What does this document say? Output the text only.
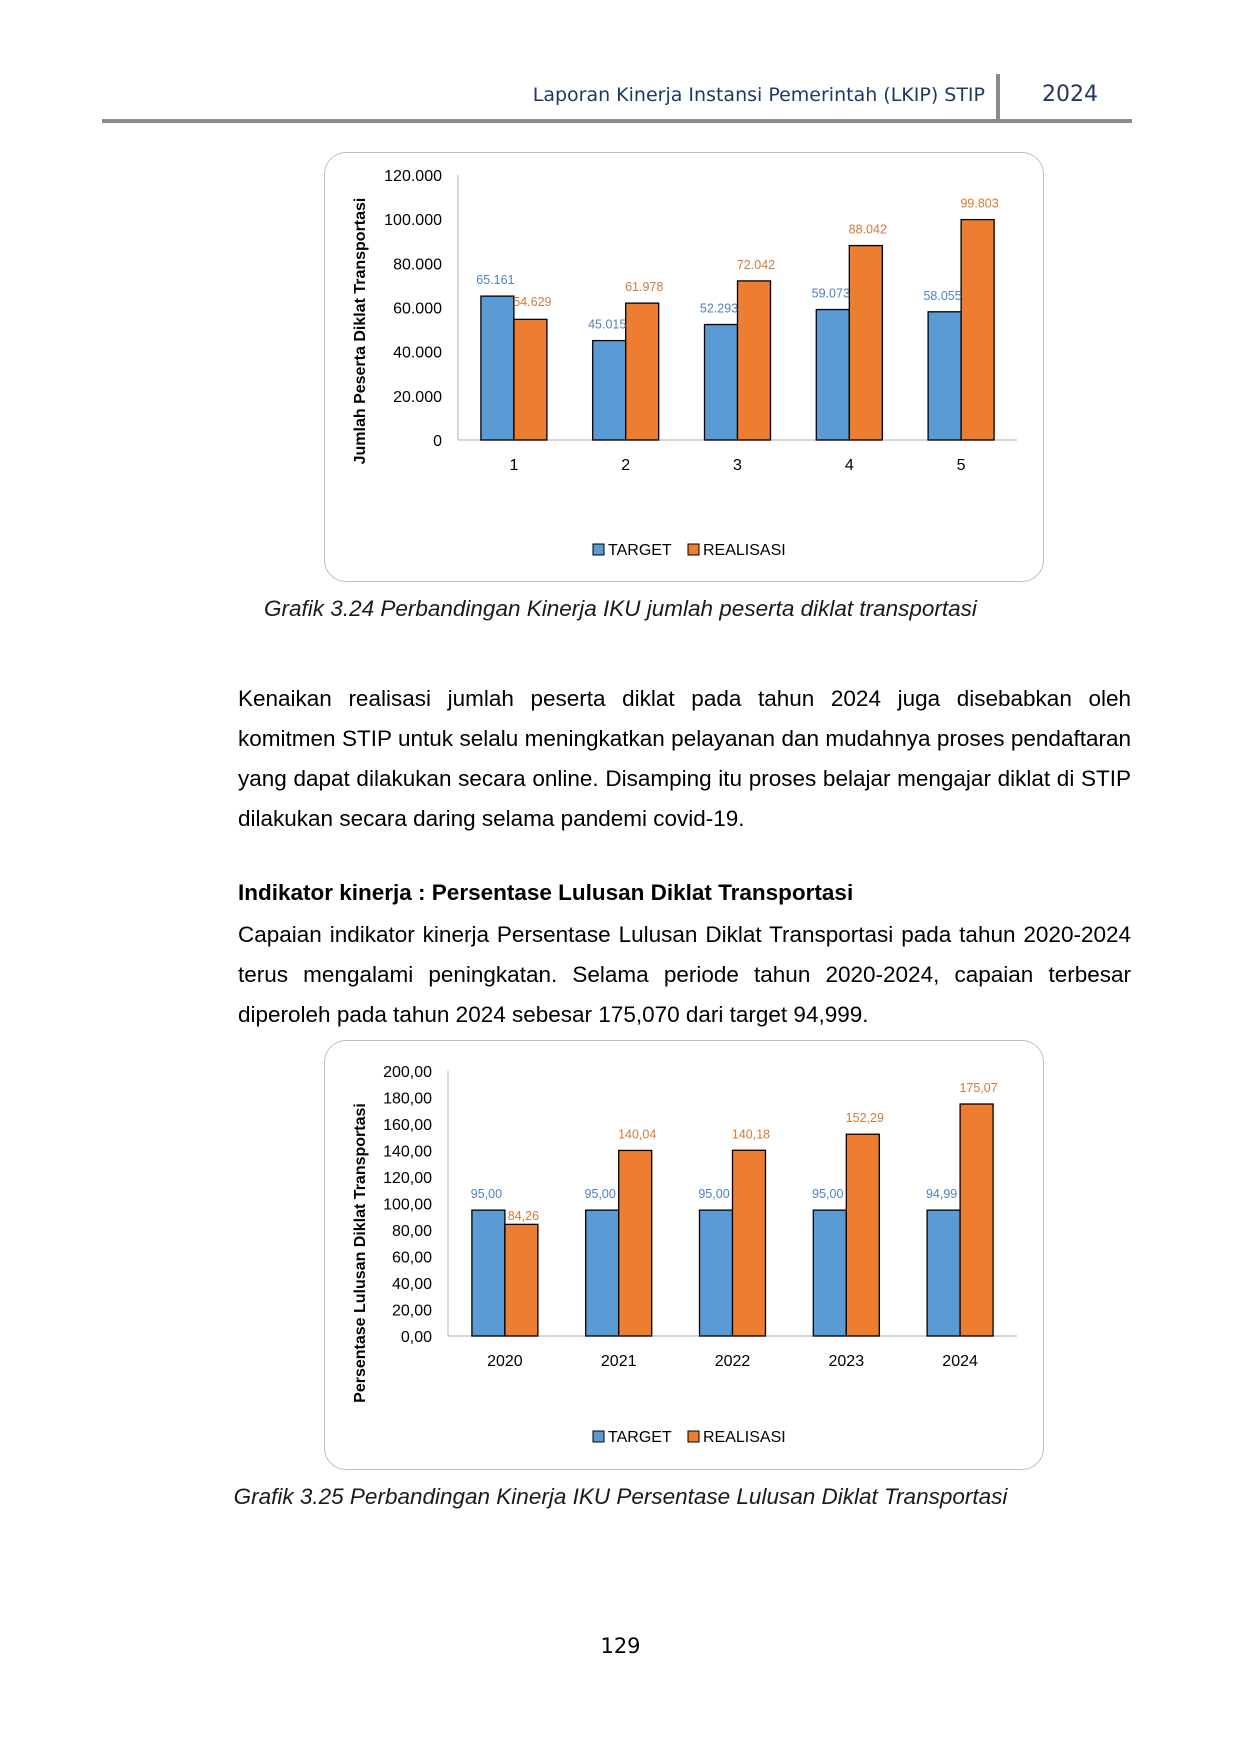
Laporan Kinerja Instansi Pemerintah (LKIP) STIP	2024
0
20.000
40.000
60.000
80.000
100.000
120.000
Jumlah Peserta Diklat Transportasi
1	2	3	4	5
65.161
54.629
45.015
61.978
52.293
72.042
59.073
88.042
58.055
99.803
TARGET REALISASI
Grafik 3.24 Perbandingan Kinerja IKU jumlah peserta diklat transportasi
Kenaikan realisasi jumlah peserta diklat pada tahun 2024 juga disebabkan oleh komitmen STIP untuk selalu meningkatkan pelayanan dan mudahnya proses pendaftaran yang dapat dilakukan secara online. Disamping itu proses belajar mengajar diklat di STIP dilakukan secara daring selama pandemi covid-19.
Indikator kinerja : Persentase Lulusan Diklat Transportasi
Capaian indikator kinerja Persentase Lulusan Diklat Transportasi pada tahun 2020-2024 terus mengalami peningkatan. Selama periode tahun 2020-2024, capaian terbesar diperoleh pada tahun 2024 sebesar 175,070 dari target 94,999.
0,00
20,00
40,00
60,00
80,00
100,00
120,00
140,00
160,00
180,00
200,00
Persentase Lulusan Diklat Transportasi	2020	2021	2022	2023	2024
95,00
84,26
95,00
140,04
95,00
140,18
95,00
152,29
94,99
175,07
TARGET REALISASI
Grafik 3.25 Perbandingan Kinerja IKU Persentase Lulusan Diklat Transportasi
129
